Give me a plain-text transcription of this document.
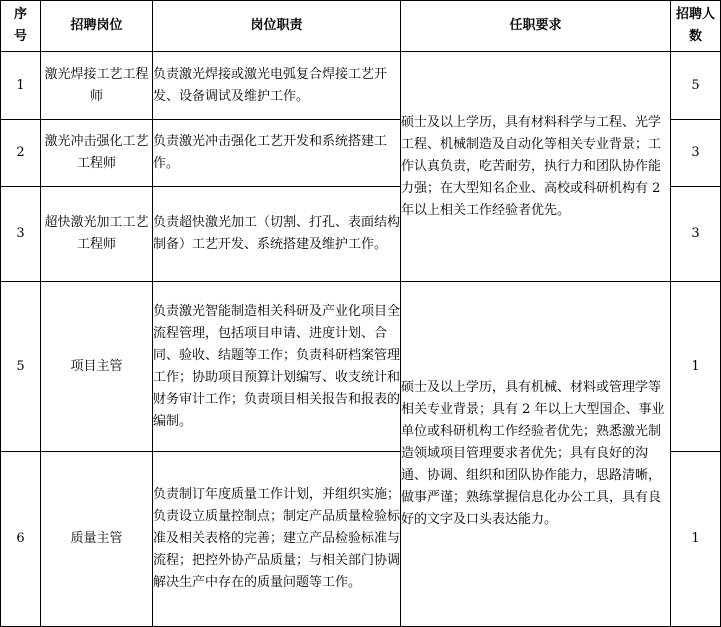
序号	招聘岗位	岗位职责	任职要求	招聘人数
1	激光焊接工艺工程师	负责激光焊接或激光电弧复合焊接工艺开发、设备调试及维护工作。	硕士及以上学历，具有材料科学与工程、光学工程、机械制造及自动化等相关专业背景；工作认真负责，吃苦耐劳，执行力和团队协作能力强；在大型知名企业、高校或科研机构有 2 年以上相关工作经验者优先。	5
2	激光冲击强化工艺工程师	负责激光冲击强化工艺开发和系统搭建工作。		3
3	超快激光加工工艺工程师	负责超快激光加工（切割、打孔、表面结构制备）工艺开发、系统搭建及维护工作。		3
5	项目主管	负责激光智能制造相关科研及产业化项目全流程管理，包括项目申请、进度计划、合同、验收、结题等工作；负责科研档案管理工作；协助项目预算计划编写、收支统计和财务审计工作；负责项目相关报告和报表的编制。	硕士及以上学历，具有机械、材料或管理学等相关专业背景；具有 2 年以上大型国企、事业单位或科研机构工作经验者优先；熟悉激光制造领域项目管理要求者优先；具有良好的沟通、协调、组织和团队协作能力，思路清晰，做事严谨；熟练掌握信息化办公工具，具有良好的文字及口头表达能力。	1
6	质量主管	负责制订年度质量工作计划，并组织实施；负责设立质量控制点；制定产品质量检验标准及相关表格的完善；建立产品检验标准与流程；把控外协产品质量；与相关部门协调解决生产中存在的质量问题等工作。		1
